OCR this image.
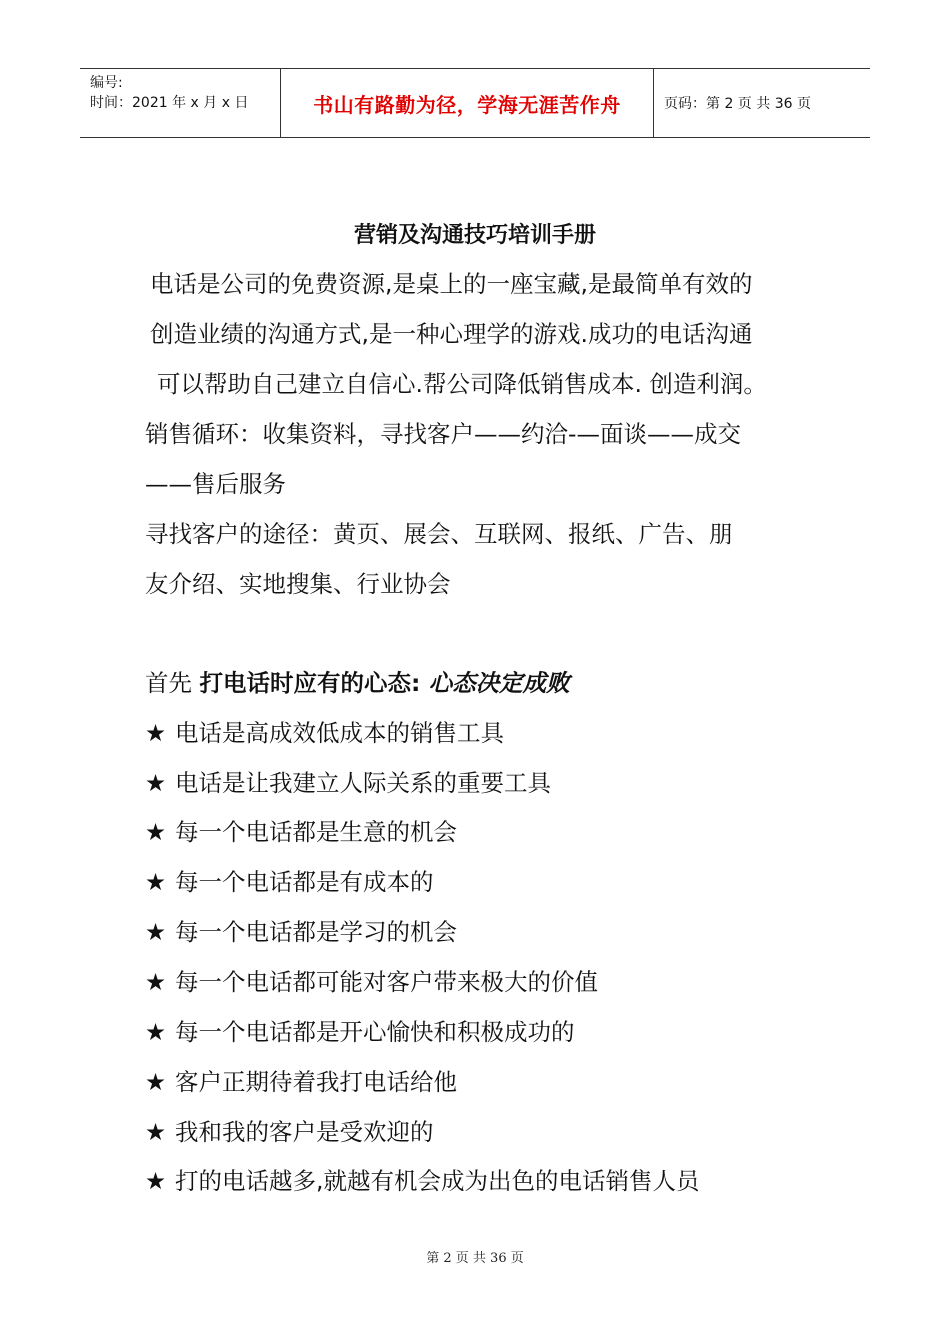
编号:
时间：2021 年 x 月 x 日	书山有路勤为径，学海无涯苦作舟	页码：第 2 页 共 36 页
营销及沟通技巧培训手册
电话是公司的免费资源,是桌上的一座宝藏,是最简单有效的
创造业绩的沟通方式,是一种心理学的游戏.成功的电话沟通
可以帮助自己建立自信心.帮公司降低销售成本. 创造利润。
销售循环：收集资料，寻找客户——约洽-—面谈——成交
——售后服务
寻找客户的途径：黄页、展会、互联网、报纸、广告、朋
友介绍、实地搜集、行业协会
首先 打电话时应有的心态: 心态决定成败
★ 电话是高成效低成本的销售工具
★ 电话是让我建立人际关系的重要工具
★ 每一个电话都是生意的机会
★ 每一个电话都是有成本的
★ 每一个电话都是学习的机会
★ 每一个电话都可能对客户带来极大的价值
★ 每一个电话都是开心愉快和积极成功的
★ 客户正期待着我打电话给他
★ 我和我的客户是受欢迎的
★ 打的电话越多,就越有机会成为出色的电话销售人员
第 2 页 共 36 页
